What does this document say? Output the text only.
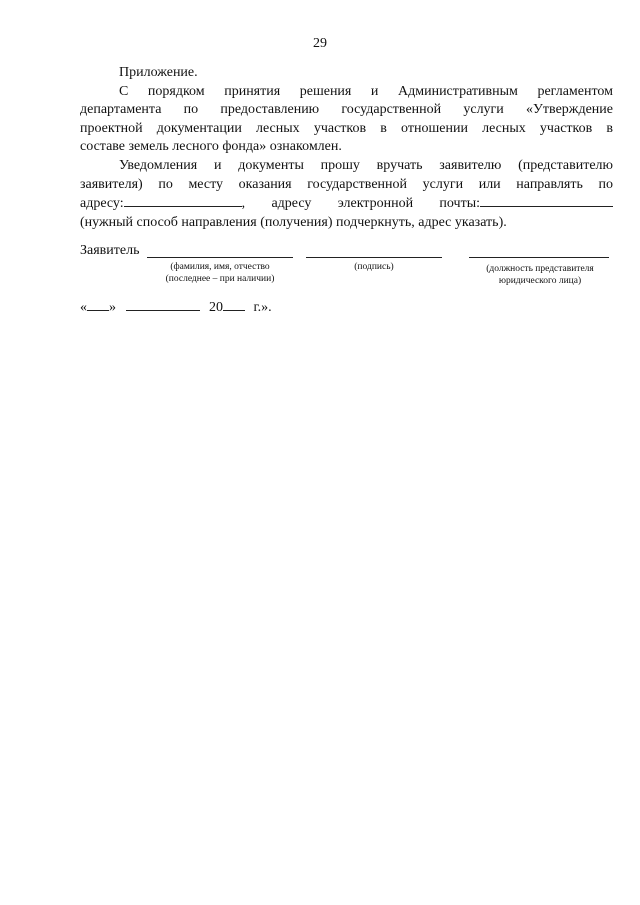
29

Приложение.

С порядком принятия решения и Административным регламентом

департамента по предоставлению государственной услуги «Утверждение

проектной документации лесных участков в отношении лесных участков в

составе земель лесного фонда» ознакомлен.

Уведомления и документы прошу вручать заявителю (представителю

заявителя) по месту оказания государственной услуги или направлять по

адресу:	, адресу электронной почты:

(нужный способ направления (получения) подчеркнуть, адрес указать).

Заявитель
(фамилия, имя, отчество
(последнее – при наличии)
(подпись)	(должность представителя
юридического лица)
« »	20 г.».
